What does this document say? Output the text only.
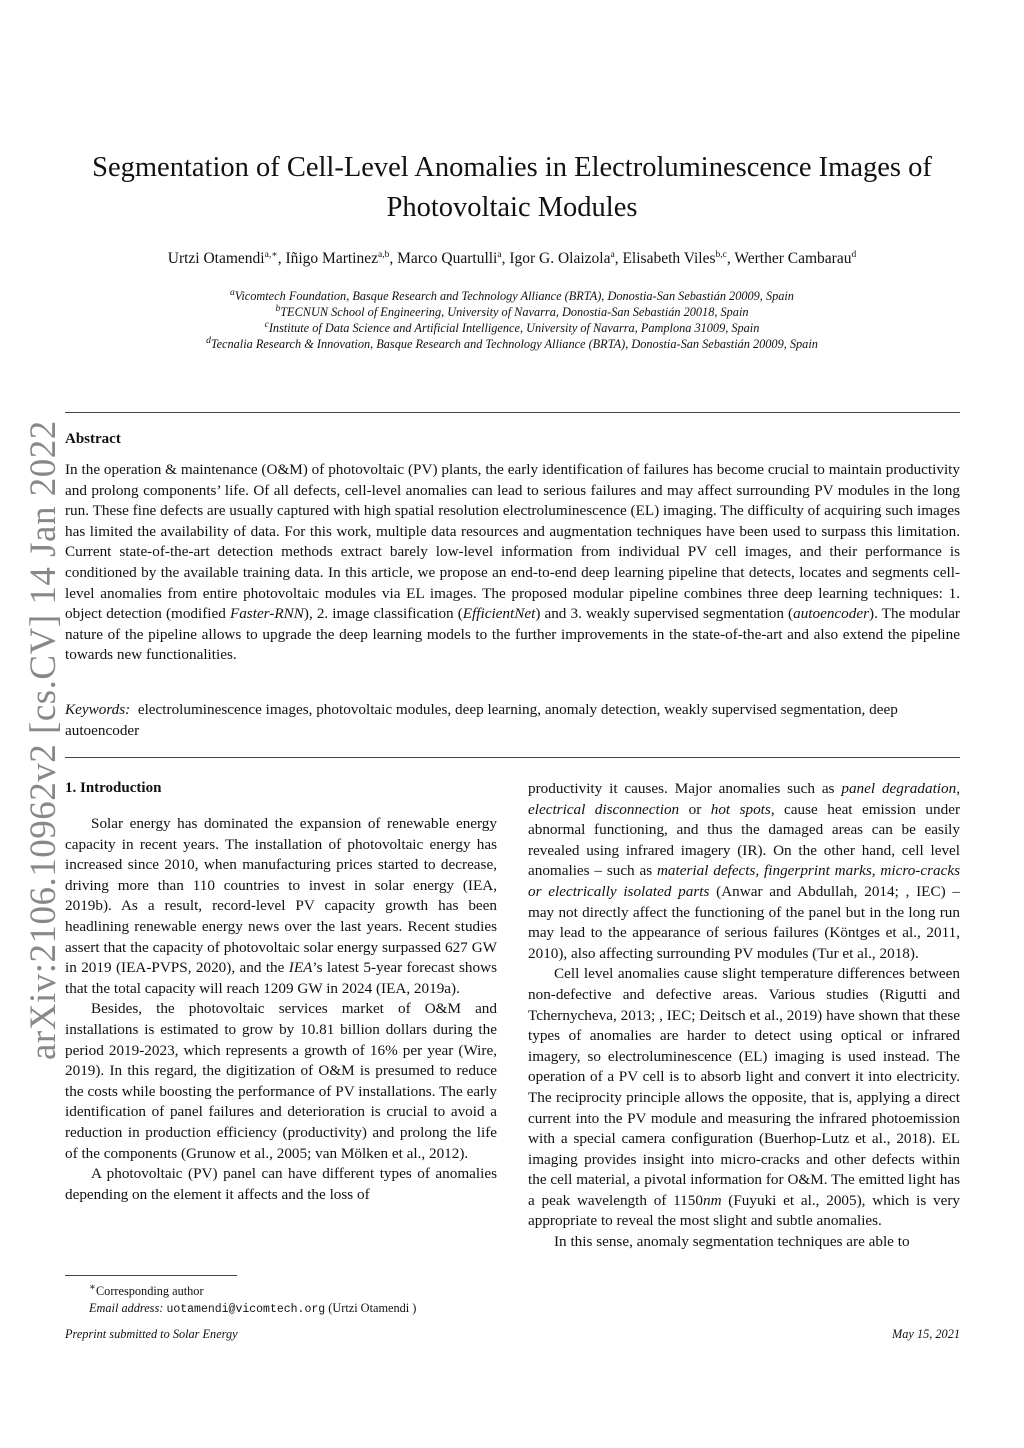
arXiv:2106.10962v2 [cs.CV] 14 Jan 2022
Segmentation of Cell-Level Anomalies in Electroluminescence Images of Photovoltaic Modules
Urtzi Otamendi$^{a,∗}$, Iñigo Martinez$^{a,b}$, Marco Quartulli$^a$, Igor G. Olaizola$^a$, Elisabeth Viles$^{b,c}$, Werther Cambarau$^d$
$^a$Vicomtech Foundation, Basque Research and Technology Alliance (BRTA), Donostia-San Sebastián 20009, Spain
$^b$TECNUN School of Engineering, University of Navarra, Donostia-San Sebastián 20018, Spain
$^c$Institute of Data Science and Artificial Intelligence, University of Navarra, Pamplona 31009, Spain
$^d$Tecnalia Research & Innovation, Basque Research and Technology Alliance (BRTA), Donostia-San Sebastián 20009, Spain
Abstract
In the operation & maintenance (O&M) of photovoltaic (PV) plants, the early identification of failures has become crucial to maintain productivity and prolong components’ life. Of all defects, cell-level anomalies can lead to serious failures and may affect surrounding PV modules in the long run. These fine defects are usually captured with high spatial resolution electroluminescence (EL) imaging. The difficulty of acquiring such images has limited the availability of data. For this work, multiple data resources and augmentation techniques have been used to surpass this limitation. Current state-of-the-art detection methods extract barely low-level information from individual PV cell images, and their performance is conditioned by the available training data. In this article, we propose an end-to-end deep learning pipeline that detects, locates and segments cell-level anomalies from entire photovoltaic modules via EL images. The proposed modular pipeline combines three deep learning techniques: 1. object detection (modified Faster-RNN), 2. image classification (EfficientNet) and 3. weakly supervised segmentation (autoencoder). The modular nature of the pipeline allows to upgrade the deep learning models to the further improvements in the state-of-the-art and also extend the pipeline towards new functionalities.
Keywords: electroluminescence images, photovoltaic modules, deep learning, anomaly detection, weakly supervised segmentation, deep autoencoder
1. Introduction

Solar energy has dominated the expansion of renewable energy capacity in recent years. The installation of photovoltaic energy has increased since 2010, when manufacturing prices started to decrease, driving more than 110 countries to invest in solar energy (IEA, 2019b). As a result, record-level PV capacity growth has been headlining renewable energy news over the last years. Recent studies assert that the capacity of photovoltaic solar energy surpassed 627 GW in 2019 (IEA-PVPS, 2020), and the IEA’s latest 5-year forecast shows that the total capacity will reach 1209 GW in 2024 (IEA, 2019a).

Besides, the photovoltaic services market of O&M and installations is estimated to grow by 10.81 billion dollars during the period 2019-2023, which represents a growth of 16% per year (Wire, 2019). In this regard, the digitization of O&M is presumed to reduce the costs while boosting the performance of PV installations. The early identification of panel failures and deterioration is crucial to avoid a reduction in production efficiency (productivity) and prolong the life of the components (Grunow et al., 2005; van Mölken et al., 2012).

A photovoltaic (PV) panel can have different types of anomalies depending on the element it affects and the loss of

productivity it causes. Major anomalies such as panel degradation, electrical disconnection or hot spots, cause heat emission under abnormal functioning, and thus the damaged areas can be easily revealed using infrared imagery (IR). On the other hand, cell level anomalies – such as material defects, fingerprint marks, micro-cracks or electrically isolated parts (Anwar and Abdullah, 2014; , IEC) – may not directly affect the functioning of the panel but in the long run may lead to the appearance of serious failures (Köntges et al., 2011, 2010), also affecting surrounding PV modules (Tur et al., 2018).

Cell level anomalies cause slight temperature differences between non-defective and defective areas. Various studies (Rigutti and Tchernycheva, 2013; , IEC; Deitsch et al., 2019) have shown that these types of anomalies are harder to detect using optical or infrared imagery, so electroluminescence (EL) imaging is used instead. The operation of a PV cell is to absorb light and convert it into electricity. The reciprocity principle allows the opposite, that is, applying a direct current into the PV module and measuring the infrared photoemission with a special camera configuration (Buerhop-Lutz et al., 2018). EL imaging provides insight into micro-cracks and other defects within the cell material, a pivotal information for O&M. The emitted light has a peak wavelength of 1150nm (Fuyuki et al., 2005), which is very appropriate to reveal the most slight and subtle anomalies.

In this sense, anomaly segmentation techniques are able to

∗Corresponding author
Email address: uotamendi@vicomtech.org (Urtzi Otamendi )
Preprint submitted to Solar Energy	May 15, 2021
